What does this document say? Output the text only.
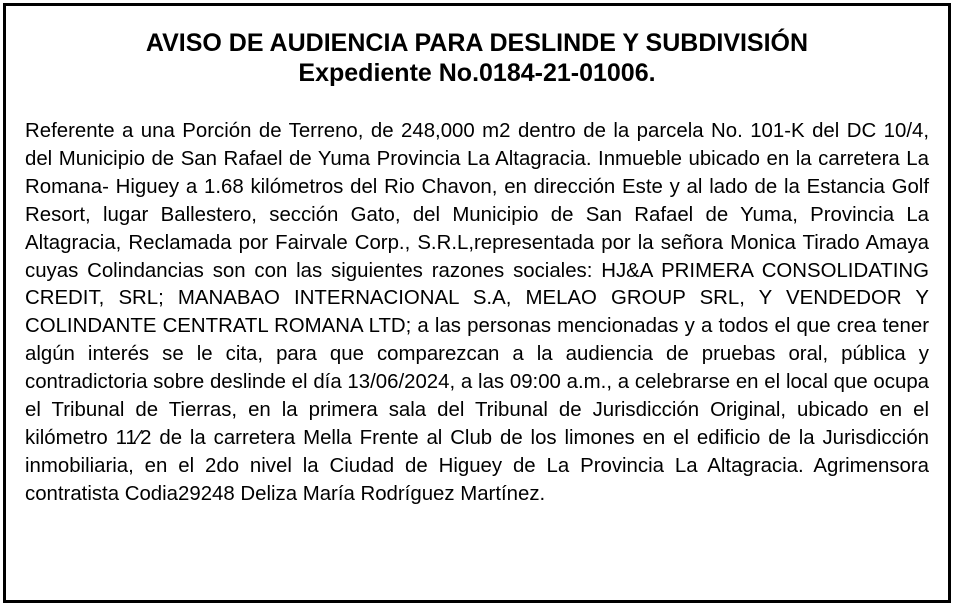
AVISO DE AUDIENCIA PARA DESLINDE Y SUBDIVISIÓN
Expediente No.0184-21-01006.

Referente a una Porción de Terreno, de 248,000 m2 dentro de la parcela No. 101-K del DC 10/4, del Municipio de San Rafael de Yuma Provincia La Altagracia. Inmueble ubicado en la carretera La Romana- Higuey a 1.68 kilómetros del Rio Chavon, en dirección Este y al lado de la Estancia Golf Resort, lugar Ballestero, sección Gato, del Municipio de San Rafael de Yuma, Provincia La Altagracia, Reclamada por Fairvale Corp., S.R.L,representada por la señora Monica Tirado Amaya cuyas Colindancias son con las siguientes razones sociales: HJ&A PRIMERA CONSOLIDATING CREDIT, SRL; MANABAO INTERNACIONAL S.A, MELAO GROUP SRL, Y VENDEDOR Y COLINDANTE CENTRATL ROMANA LTD; a las personas mencionadas y a todos el que crea tener algún interés se le cita, para que comparezcan a la audiencia de pruebas oral, pública y contradictoria sobre deslinde el día 13/06/2024, a las 09:00 a.m., a celebrarse en el local que ocupa el Tribunal de Tierras, en la primera sala del Tribunal de Jurisdicción Original, ubicado en el kilómetro 11⁄2 de la carretera Mella Frente al Club de los limones en el edificio de la Jurisdicción inmobiliaria, en el 2do nivel la Ciudad de Higuey de La Provincia La Altagracia. Agrimensora contratista Codia29248 Deliza María Rodríguez Martínez.
